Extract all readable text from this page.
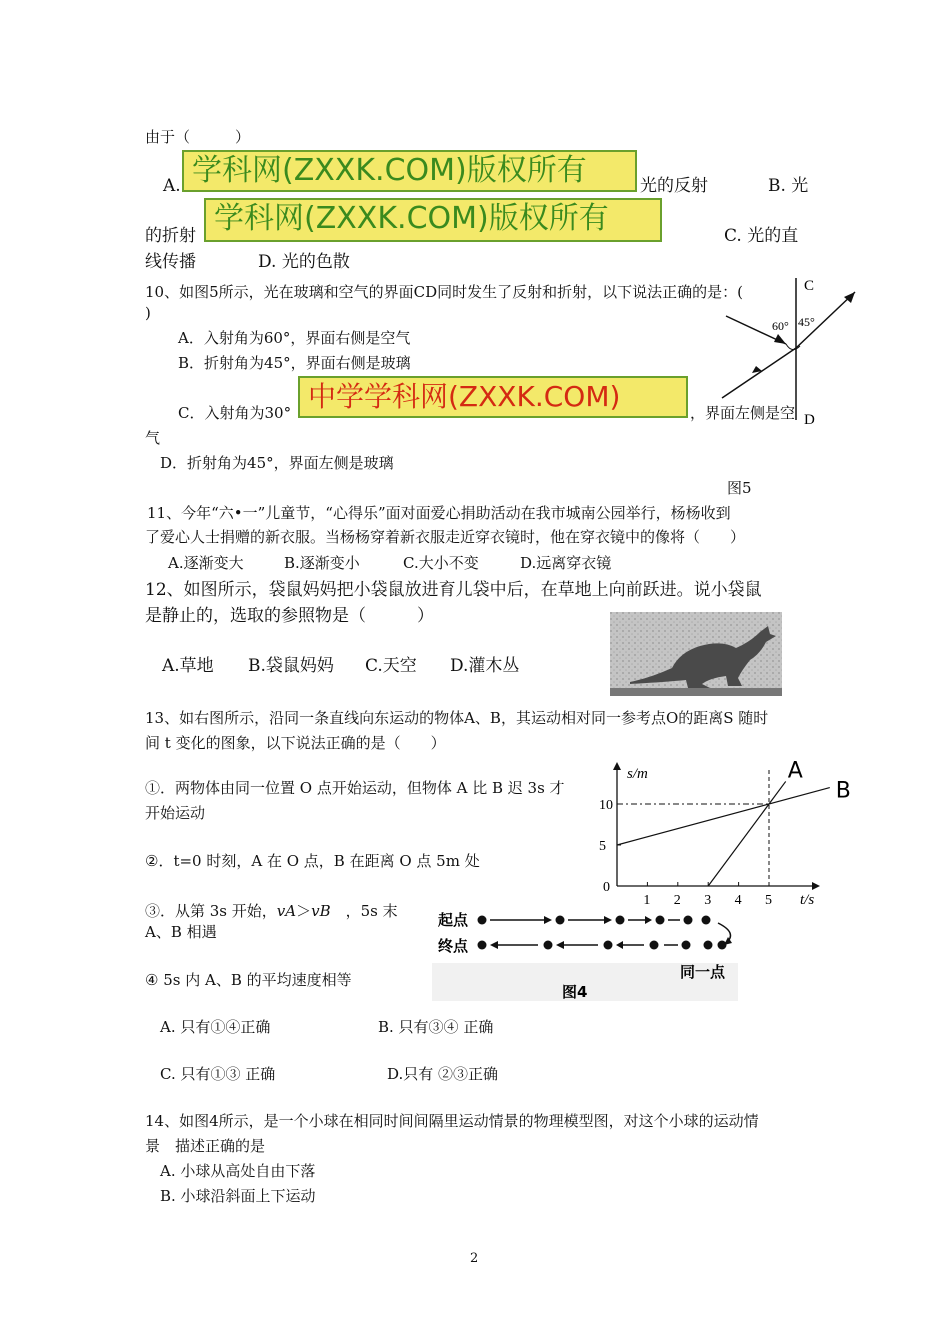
由于（　　　）
A. 学科网(ZXXK.COM)版权所有	光的反射	B. 光
的折射 学科网(ZXXK.COM)版权所有	C. 光的直
线传播	D. 光的色散
10、如图5所示，光在玻璃和空气的界面CD同时发生了反射和折射，以下说法正确的是：(
)
A．入射角为60°，界面右侧是空气
B．折射角为45°，界面右侧是玻璃
C．入射角为30° 中学学科网(ZXXK.COM)	，界面左侧是空
气
D．折射角为45°，界面左侧是玻璃
C
D
60° 45°
图5
11、今年“六•一”儿童节，“心得乐”面对面爱心捐助活动在我市城南公园举行，杨杨收到
了爱心人士捐赠的新衣服。当杨杨穿着新衣服走近穿衣镜时，他在穿衣镜中的像将（　　）
A.逐渐变大	B.逐渐变小	C.大小不变	D.远离穿衣镜
12、如图所示，袋鼠妈妈把小袋鼠放进育儿袋中后，在草地上向前跃进。说小袋鼠
是静止的，选取的参照物是（　　　）
A.草地 B.袋鼠妈妈 C.天空 D.灌木丛
13、如右图所示，沿同一条直线向东运动的物体A、B，其运动相对同一参考点O的距离S 随时
间 t 变化的图象，以下说法正确的是（　　）
①．两物体由同一位置 O 点开始运动，但物体 A 比 B 迟 3s 才
开始运动
②．t=0 时刻，A 在 O 点，B 在距离 O 点 5m 处
③．从第 3s 开始，vA＞vB　 ，5s 末
A、B 相遇
④ 5s 内 A、B 的平均速度相等
A. 只有①④正确	B. 只有③④ 正确
C. 只有①③ 正确	D.只有 ②③正确
5
10
1 2 3 4 5
s/m
t/s
0
A
B
起点
终点
同一点
图4
14、如图4所示，是一个小球在相同时间间隔里运动情景的物理模型图，对这个小球的运动情
景　描述正确的是
A. 小球从高处自由下落
B. 小球沿斜面上下运动
2
